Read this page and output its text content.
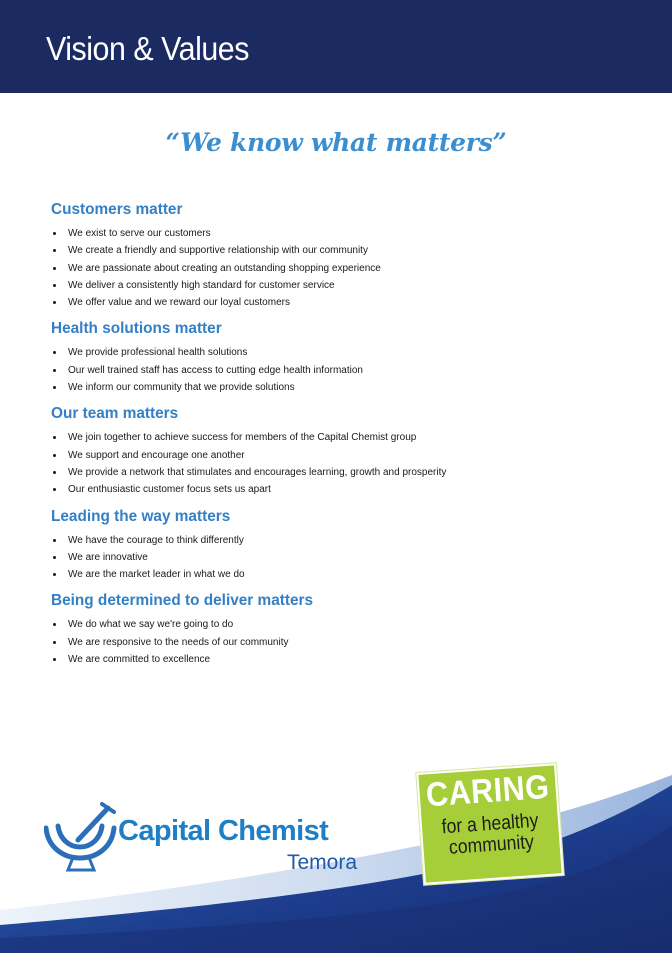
Vision & Values
“We know what matters”
Customers matter
We exist to serve our customers
We create a friendly and supportive relationship with our community
We are passionate about creating an outstanding shopping experience
We deliver a consistently high standard for customer service
We offer value and we reward our loyal customers
Health solutions matter
We provide professional health solutions
Our well trained staff has access to cutting edge health information
We inform our community that we provide solutions
Our team matters
We join together to achieve success for members of the Capital Chemist group
We support and encourage one another
We provide a network that stimulates and encourages learning, growth and prosperity
Our enthusiastic customer focus sets us apart
Leading the way matters
We have the courage to think differently
We are innovative
We are the market leader in what we do
Being determined to deliver matters
We do what we say we're going to do
We are responsive to the needs of our community
We are committed to excellence
Capital Chemist
Temora
CARING
for a healthy
community
